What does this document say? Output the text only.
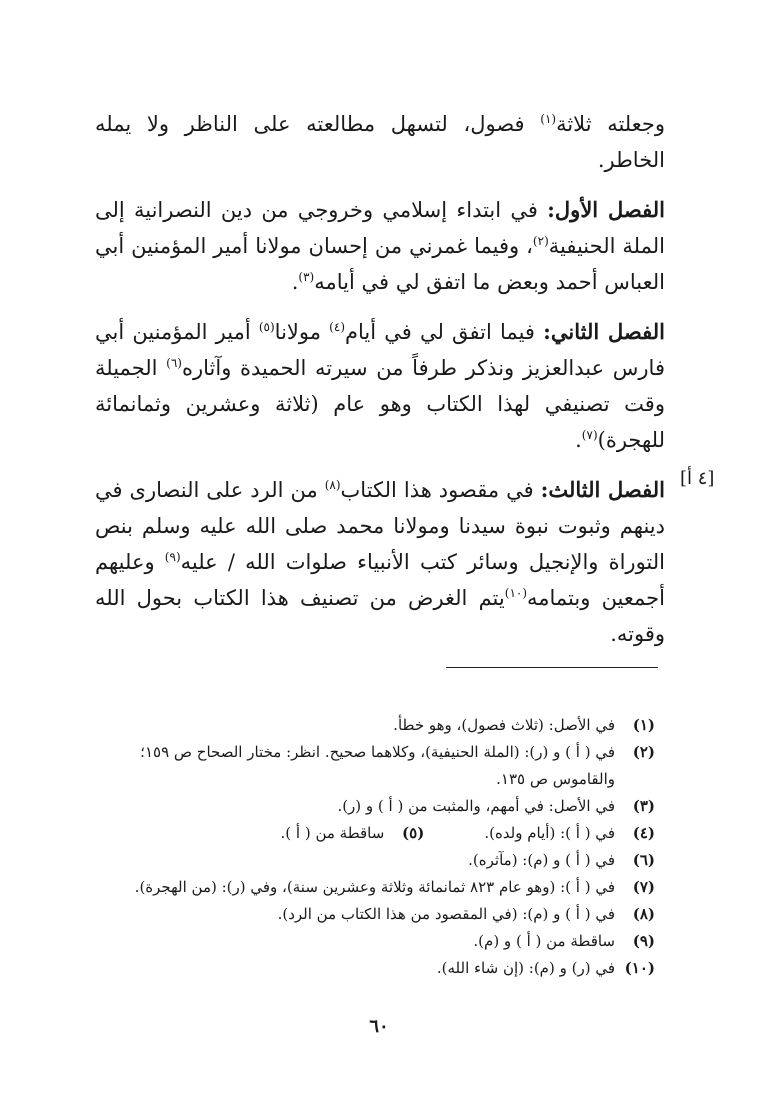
وجعلته ثلاثة$^{(١)}$ فصول، لتسهل مطالعته على الناظر ولا يمله الخاطر.

الفصل الأول: في ابتداء إسلامي وخروجي من دين النصرانية إلى الملة الحنيفية$^{(٢)}$، وفيما غمرني من إحسان مولانا أمير المؤمنين أبي العباس أحمد وبعض ما اتفق لي في أيامه$^{(٣)}$.

الفصل الثاني: فيما اتفق لي في أيام$^{(٤)}$ مولانا$^{(٥)}$ أمير المؤمنين أبي فارس عبدالعزيز ونذكر طرفاً من سيرته الحميدة وآثاره$^{(٦)}$ الجميلة وقت تصنيفي لهذا الكتاب وهو عام (ثلاثة وعشرين وثمانمائة للهجرة)$^{(٧)}$.

الفصل الثالث: في مقصود هذا الكتاب$^{(٨)}$ من الرد على النصارى في دينهم وثبوت نبوة سيدنا ومولانا محمد صلى الله عليه وسلم بنص التوراة والإنجيل وسائر كتب الأنبياء صلوات الله / عليه$^{(٩)}$ وعليهم أجمعين وبتمامه$^{(١٠)}$يتم الغرض من تصنيف هذا الكتاب بحول الله وقوته.

[٤ أ]

(١)في الأصل: (ثلاث فصول)، وهو خطأ.

(٢)في ( أ ) و (ر): (الملة الحنيفية)، وكلاهما صحيح. انظر: مختار الصحاح ص ١٥٩؛

والقاموس ص ١٣٥.

(٣)في الأصل: في أمهم، والمثبت من ( أ ) و (ر).

(٤)في ( أ ): (أيام ولده).
(٥)ساقطة من ( أ ).

(٦)في ( أ ) و (م): (مآثره).

(٧)في ( أ ): (وهو عام ٨٢٣ ثمانمائة وثلاثة وعشرين سنة)، وفي (ر): (من الهجرة).

(٨)في ( أ ) و (م): (في المقصود من هذا الكتاب من الرد).

(٩)ساقطة من ( أ ) و (م).

(١٠)في (ر) و (م): (إن شاء الله).

٦٠
